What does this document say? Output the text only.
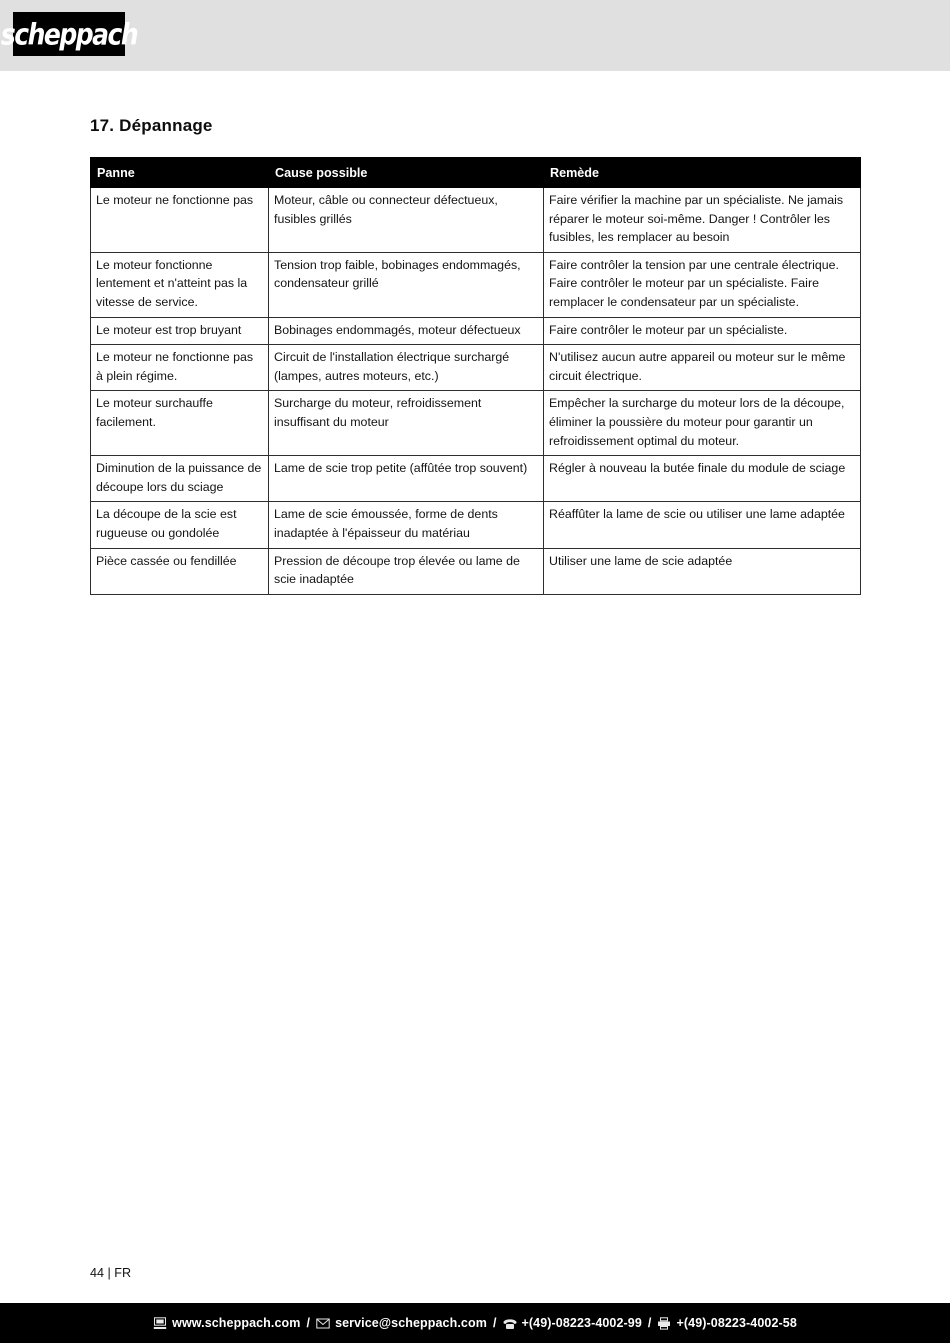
scheppach
17. Dépannage
Panne	Cause possible	Remède
Le moteur ne fonctionne pas	Moteur, câble ou connecteur défectueux, fusibles grillés	Faire vérifier la machine par un spécialiste. Ne jamais réparer le moteur soi-même. Danger ! Contrôler les fusibles, les remplacer au besoin
Le moteur fonctionne lentement et n'atteint pas la vitesse de service.	Tension trop faible, bobinages endommagés, condensateur grillé	Faire contrôler la tension par une centrale électrique. Faire contrôler le moteur par un spécialiste. Faire remplacer le condensateur par un spécialiste.
Le moteur est trop bruyant	Bobinages endommagés, moteur défectueux	Faire contrôler le moteur par un spécialiste.
Le moteur ne fonctionne pas à plein régime.	Circuit de l'installation électrique surchargé (lampes, autres moteurs, etc.)	N'utilisez aucun autre appareil ou moteur sur le même circuit électrique.
Le moteur surchauffe facilement.	Surcharge du moteur, refroidissement insuffisant du moteur	Empêcher la surcharge du moteur lors de la découpe, éliminer la poussière du moteur pour garantir un refroidissement optimal du moteur.
Diminution de la puissance de découpe lors du sciage	Lame de scie trop petite (affûtée trop souvent)	Régler à nouveau la butée finale du module de sciage
La découpe de la scie est rugueuse ou gondolée	Lame de scie émoussée, forme de dents inadaptée à l'épaisseur du matériau	Réaffûter la lame de scie ou utiliser une lame adaptée
Pièce cassée ou fendillée	Pression de découpe trop élevée ou lame de scie inadaptée	Utiliser une lame de scie adaptée
44 | FR
www.scheppach.com / service@scheppach.com / +(49)-08223-4002-99 / +(49)-08223-4002-58
